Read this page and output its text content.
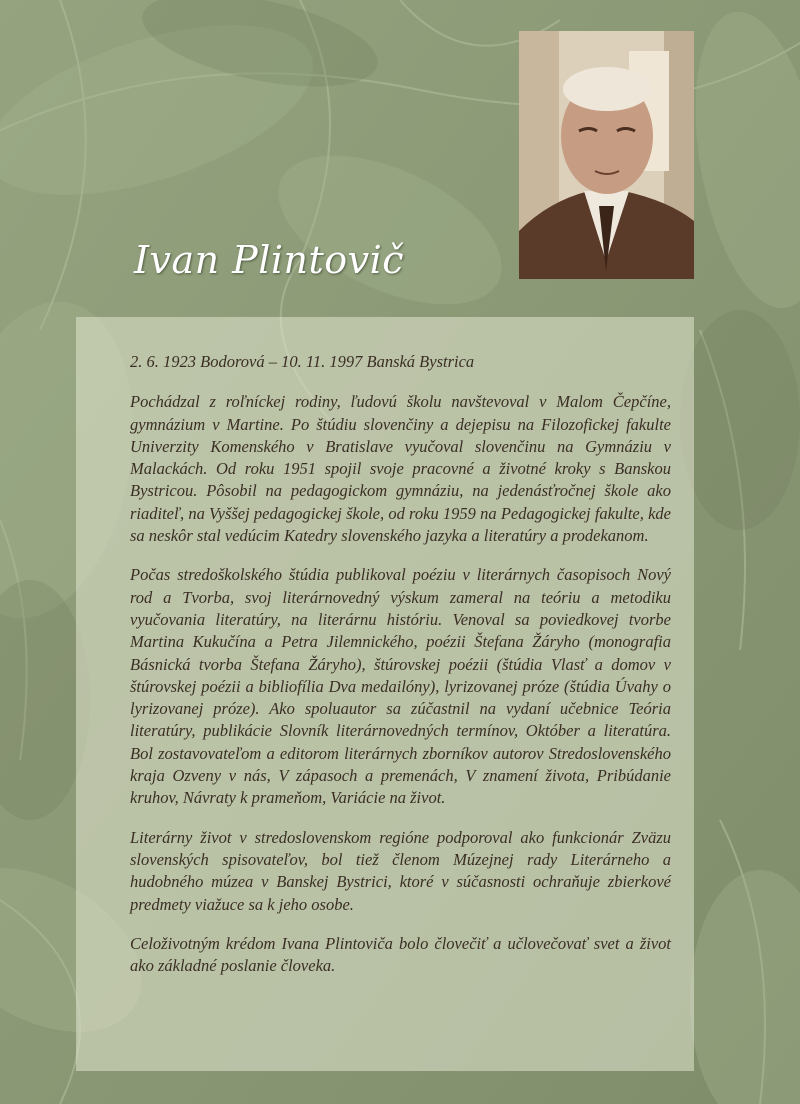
Ivan Plintovič

2. 6. 1923 Bodorová – 10. 11. 1997 Banská Bystrica

Pochádzal z roľníckej rodiny, ľudovú školu navštevoval v Malom Čepčíne, gymnázium v Martine. Po štúdiu slovenčiny a dejepisu na Filozofickej fakulte Univerzity Komenského v Bratislave vyučoval slovenčinu na Gymnáziu v Malackách. Od roku 1951 spojil svoje pracovné a životné kroky s Banskou Bystricou. Pôsobil na pedagogickom gymnáziu, na jedenásťročnej škole ako riaditeľ, na Vyššej pedagogickej škole, od roku 1959 na Pedagogickej fakulte, kde sa neskôr stal vedúcim Katedry slovenského jazyka a literatúry a prodekanom.

Počas stredoškolského štúdia publikoval poéziu v literárnych časopisoch Nový rod a Tvorba, svoj literárnovedný výskum zameral na teóriu a metodiku vyučovania literatúry, na literárnu históriu. Venoval sa poviedkovej tvorbe Martina Kukučína a Petra Jilemnického, poézii Štefana Žáryho (monografia Básnická tvorba Štefana Žáryho), štúrovskej poézii (štúdia Vlasť a domov v štúrovskej poézii a bibliofília Dva medailóny), lyrizovanej próze (štúdia Úvahy o lyrizovanej próze). Ako spoluautor sa zúčastnil na vydaní učebnice Teória literatúry, publikácie Slovník literárnovedných termínov, Október a literatúra. Bol zostavovateľom a editorom literárnych zborníkov autorov Stredoslovenského kraja Ozveny v nás, V zápasoch a premenách, V znamení života, Pribúdanie kruhov, Návraty k prameňom, Variácie na život.

Literárny život v stredoslovenskom regióne podporoval ako funkcionár Zväzu slovenských spisovateľov, bol tiež členom Múzejnej rady Literárneho a hudobného múzea v Banskej Bystrici, ktoré v súčasnosti ochraňuje zbierkové predmety viažuce sa k jeho osobe.

Celoživotným krédom Ivana Plintoviča bolo človečiť a učlovečovať svet a život ako základné poslanie človeka.
